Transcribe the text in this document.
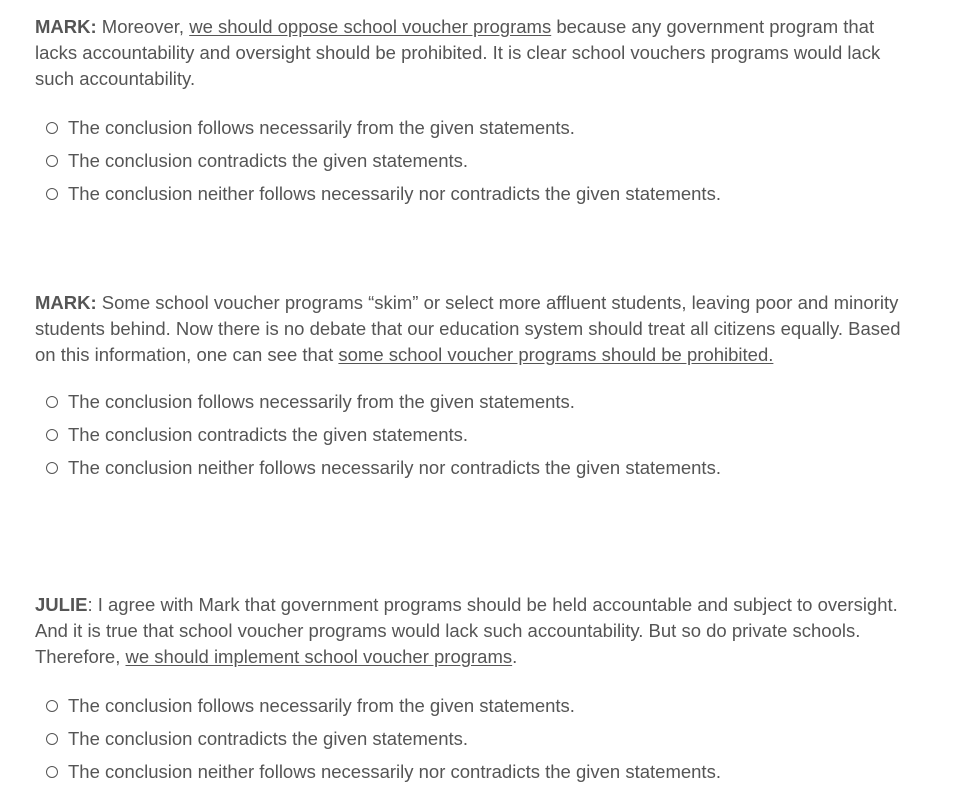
MARK: Moreover, we should oppose school voucher programs because any government program that lacks accountability and oversight should be prohibited. It is clear school vouchers programs would lack such accountability.

The conclusion follows necessarily from the given statements.
The conclusion contradicts the given statements.
The conclusion neither follows necessarily nor contradicts the given statements.

MARK: Some school voucher programs “skim” or select more affluent students, leaving poor and minority students behind. Now there is no debate that our education system should treat all citizens equally. Based on this information, one can see that some school voucher programs should be prohibited.

The conclusion follows necessarily from the given statements.
The conclusion contradicts the given statements.
The conclusion neither follows necessarily nor contradicts the given statements.

JULIE: I agree with Mark that government programs should be held accountable and subject to oversight. And it is true that school voucher programs would lack such accountability. But so do private schools. Therefore, we should implement school voucher programs.

The conclusion follows necessarily from the given statements.
The conclusion contradicts the given statements.
The conclusion neither follows necessarily nor contradicts the given statements.
